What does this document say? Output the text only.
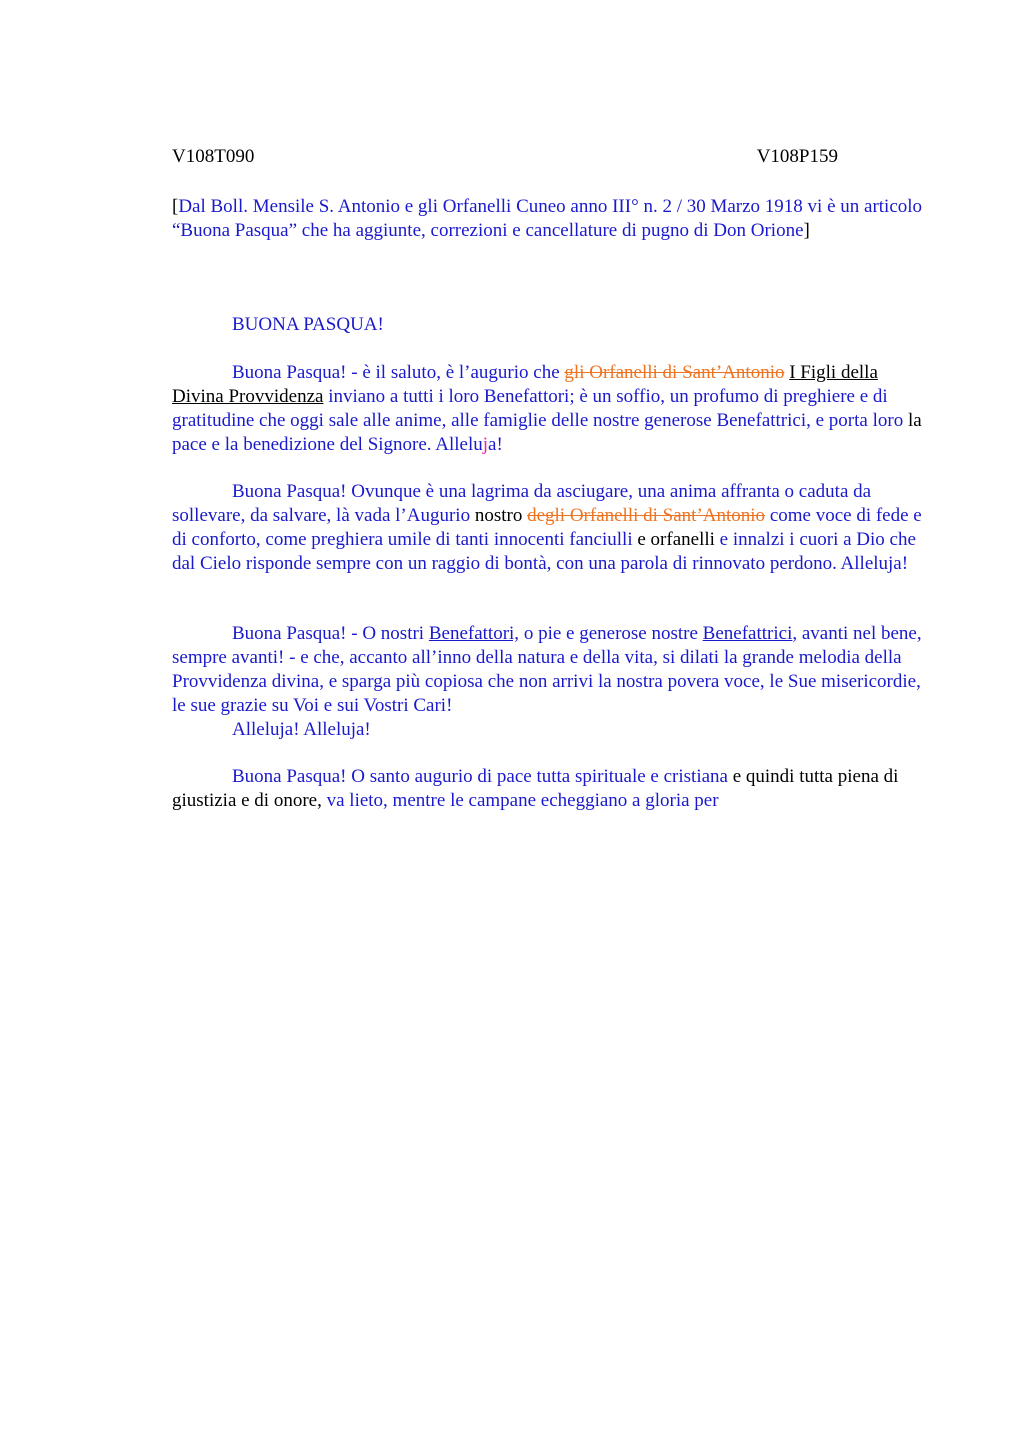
V108T090	V108P159

[Dal Boll. Mensile S. Antonio e gli Orfanelli Cuneo anno III° n. 2 / 30 Marzo 1918 vi è un articolo “Buona Pasqua” che ha aggiunte, correzioni e cancellature di pugno di Don Orione]

BUONA PASQUA!

Buona Pasqua! - è il saluto, è l’augurio che gli Orfanelli di Sant’Antonio I Figli della Divina Provvidenza inviano a tutti i loro Benefattori; è un soffio, un profumo di preghiere e di gratitudine che oggi sale alle anime, alle famiglie delle nostre generose Benefattrici, e porta loro la pace e la benedizione del Signore. Alleluja!

Buona Pasqua! Ovunque è una lagrima da asciugare, una anima affranta o caduta da sollevare, da salvare, là vada l’Augurio nostro degli Orfanelli di Sant’Antonio come voce di fede e di conforto, come preghiera umile di tanti innocenti fanciulli e orfanelli e innalzi i cuori a Dio che dal Cielo risponde sempre con un raggio di bontà, con una parola di rinnovato perdono. Alleluja!

Buona Pasqua! - O nostri Benefattori, o pie e generose nostre Benefattrici, avanti nel bene, sempre avanti! - e che, accanto all’inno della natura e della vita, si dilati la grande melodia della Provvidenza divina, e sparga più copiosa che non arrivi la nostra povera voce, le Sue misericordie, le sue grazie su Voi e sui Vostri Cari!
Alleluja! Alleluja!

Buona Pasqua! O santo augurio di pace tutta spirituale e cristiana e quindi tutta piena di giustizia e di onore, va lieto, mentre le campane echeggiano a gloria per
